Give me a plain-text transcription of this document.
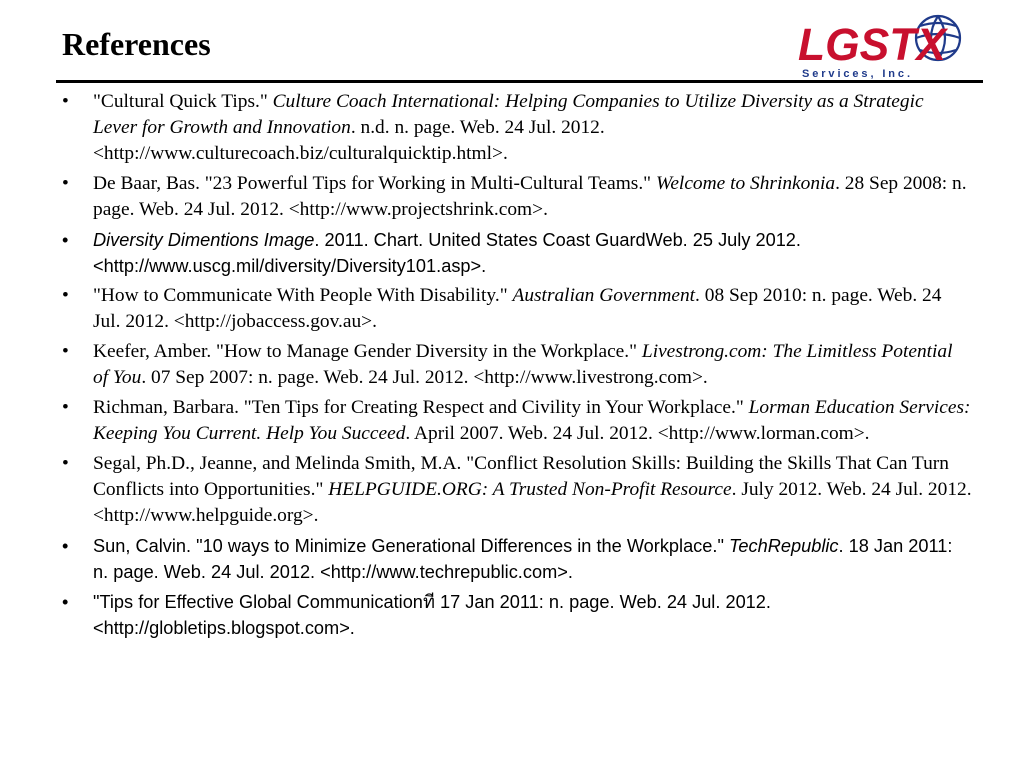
References	LGSTX
Services, Inc.
• "Cultural Quick Tips." Culture Coach International: Helping Companies to Utilize Diversity as a Strategic Lever for Growth and Innovation. n.d. n. page. Web. 24 Jul. 2012. <http://www.culturecoach.biz/culturalquicktip.html>.
• De Baar, Bas. "23 Powerful Tips for Working in Multi-Cultural Teams." Welcome to Shrinkonia. 28 Sep 2008: n. page. Web. 24 Jul. 2012. <http://www.projectshrink.com>.
• Diversity Dimentions Image. 2011. Chart. United States Coast GuardWeb. 25 July 2012. <http://www.uscg.mil/diversity/Diversity101.asp>.
• "How to Communicate With People With Disability." Australian Government. 08 Sep 2010: n. page. Web. 24 Jul. 2012. <http://jobaccess.gov.au>.
• Keefer, Amber. "How to Manage Gender Diversity in the Workplace." Livestrong.com: The Limitless Potential of You. 07 Sep 2007: n. page. Web. 24 Jul. 2012. <http://www.livestrong.com>.
• Richman, Barbara. "Ten Tips for Creating Respect and Civility in Your Workplace." Lorman Education Services: Keeping You Current. Help You Succeed. April 2007. Web. 24 Jul. 2012. <http://www.lorman.com>.
• Segal, Ph.D., Jeanne, and Melinda Smith, M.A. "Conflict Resolution Skills: Building the Skills That Can Turn Conflicts into Opportunities." HELPGUIDE.ORG: A Trusted Non-Profit Resource. July 2012. Web. 24 Jul. 2012. <http://www.helpguide.org>.
• Sun, Calvin. "10 ways to Minimize Generational Differences in the Workplace." TechRepublic. 18 Jan 2011: n. page. Web. 24 Jul. 2012. <http://www.techrepublic.com>.
• "Tips for Effective Global Communicationที 17 Jan 2011: n. page. Web. 24 Jul. 2012. <http://globletips.blogspot.com>.
